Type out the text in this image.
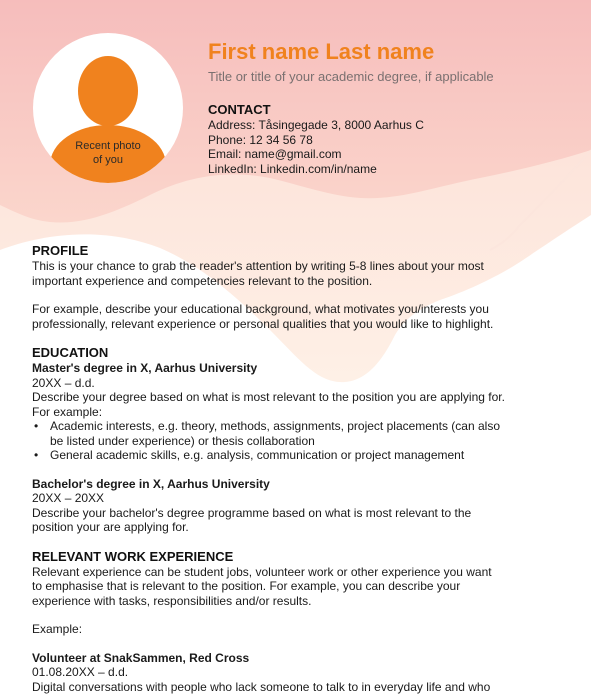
Recent photo
of you
First name Last name
Title or title of your academic degree, if applicable
CONTACT
Address: Tåsingegade 3, 8000 Aarhus C
Phone: 12 34 56 78
Email: name@gmail.com
LinkedIn: Linkedin.com/in/name
PROFILE

This is your chance to grab the reader's attention by writing 5-8 lines about your most
important experience and competencies relevant to the position.

For example, describe your educational background, what motivates you/interests you
professionally, relevant experience or personal qualities that you would like to highlight.

EDUCATION

Master's degree in X, Aarhus University

20XX – d.d.

Describe your degree based on what is most relevant to the position you are applying for.

For example:

• Academic interests, e.g. theory, methods, assignments, project placements (can also
be listed under experience) or thesis collaboration
• General academic skills, e.g. analysis, communication or project management

Bachelor's degree in X, Aarhus University

20XX – 20XX

Describe your bachelor's degree programme based on what is most relevant to the
position your are applying for.

RELEVANT WORK EXPERIENCE

Relevant experience can be student jobs, volunteer work or other experience you want
to emphasise that is relevant to the position. For example, you can describe your
experience with tasks, responsibilities and/or results.

Example:

Volunteer at SnakSammen, Red Cross

01.08.20XX – d.d.

Digital conversations with people who lack someone to talk to in everyday life and who
